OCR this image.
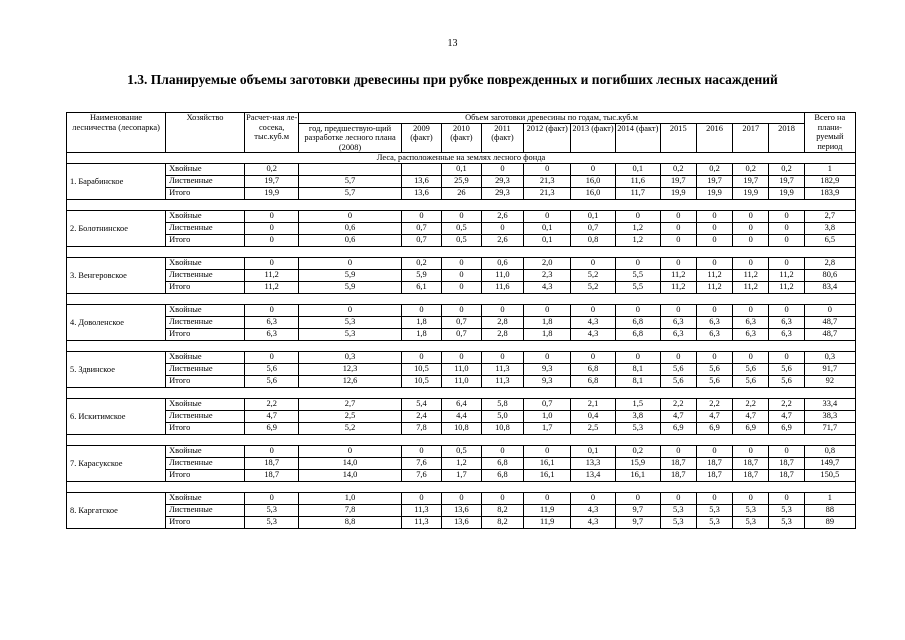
13
1.3. Планируемые объемы заготовки древесины при рубке поврежденных и погибших лесных насаждений
Наименование лесничества (лесопарка)	Хозяйство	Расчет-ная ле-сосека, тыс.куб.м	Объем заготовки древесины по годам, тыс.куб.м											Всего на плани-руемый период
			год, предшествую-щий разработке лесного плана (2008)	2009 (факт)	2010 (факт)	2011 (факт)	2012 (факт)	2013 (факт)	2014 (факт)	2015	2016	2017	2018	
Леса, расположенные на землях лесного фонда														
1. Барабинское	Хвойные	0,2			0,1	0	0	0	0,1	0,2	0,2	0,2	0,2	1
	Лиственные	19,7	5,7	13,6	25,9	29,3	21,3	16,0	11,6	19,7	19,7	19,7	19,7	182,9
	Итого	19,9	5,7	13,6	26	29,3	21,3	16,0	11,7	19,9	19,9	19,9	19,9	183,9

2. Болотнинское	Хвойные	0	0	0	0	2,6	0	0,1	0	0	0	0	0	2,7
	Лиственные	0	0,6	0,7	0,5	0	0,1	0,7	1,2	0	0	0	0	3,8
	Итого	0	0,6	0,7	0,5	2,6	0,1	0,8	1,2	0	0	0	0	6,5

3. Венгеровское	Хвойные	0	0	0,2	0	0,6	2,0	0	0	0	0	0	0	2,8
	Лиственные	11,2	5,9	5,9	0	11,0	2,3	5,2	5,5	11,2	11,2	11,2	11,2	80,6
	Итого	11,2	5,9	6,1	0	11,6	4,3	5,2	5,5	11,2	11,2	11,2	11,2	83,4

4. Доволенское	Хвойные	0	0	0	0	0	0	0	0	0	0	0	0	0
	Лиственные	6,3	5,3	1,8	0,7	2,8	1,8	4,3	6,8	6,3	6,3	6,3	6,3	48,7
	Итого	6,3	5,3	1,8	0,7	2,8	1,8	4,3	6,8	6,3	6,3	6,3	6,3	48,7

5. Здвинское	Хвойные	0	0,3	0	0	0	0	0	0	0	0	0	0	0,3
	Лиственные	5,6	12,3	10,5	11,0	11,3	9,3	6,8	8,1	5,6	5,6	5,6	5,6	91,7
	Итого	5,6	12,6	10,5	11,0	11,3	9,3	6,8	8,1	5,6	5,6	5,6	5,6	92

6. Искитимское	Хвойные	2,2	2,7	5,4	6,4	5,8	0,7	2,1	1,5	2,2	2,2	2,2	2,2	33,4
	Лиственные	4,7	2,5	2,4	4,4	5,0	1,0	0,4	3,8	4,7	4,7	4,7	4,7	38,3
	Итого	6,9	5,2	7,8	10,8	10,8	1,7	2,5	5,3	6,9	6,9	6,9	6,9	71,7

7. Карасукское	Хвойные	0	0	0	0,5	0	0	0,1	0,2	0	0	0	0	0,8
	Лиственные	18,7	14,0	7,6	1,2	6,8	16,1	13,3	15,9	18,7	18,7	18,7	18,7	149,7
	Итого	18,7	14,0	7,6	1,7	6,8	16,1	13,4	16,1	18,7	18,7	18,7	18,7	150,5

8. Каргатское	Хвойные	0	1,0	0	0	0	0	0	0	0	0	0	0	1
	Лиственные	5,3	7,8	11,3	13,6	8,2	11,9	4,3	9,7	5,3	5,3	5,3	5,3	88
	Итого	5,3	8,8	11,3	13,6	8,2	11,9	4,3	9,7	5,3	5,3	5,3	5,3	89
